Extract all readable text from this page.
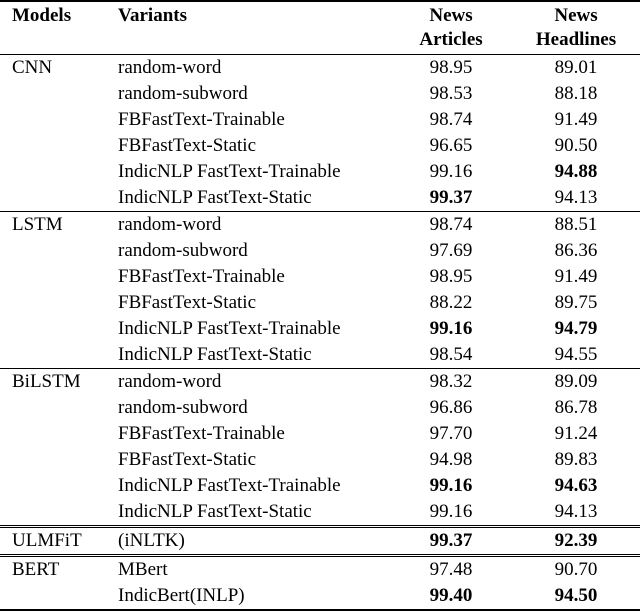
Models	Variants	News	News
		Articles	Headlines
CNN	random-word	98.95	89.01
	random-subword	98.53	88.18
	FBFastText-Trainable	98.74	91.49
	FBFastText-Static	96.65	90.50
	IndicNLP FastText-Trainable	99.16	94.88
	IndicNLP FastText-Static	99.37	94.13
LSTM	random-word	98.74	88.51
	random-subword	97.69	86.36
	FBFastText-Trainable	98.95	91.49
	FBFastText-Static	88.22	89.75
	IndicNLP FastText-Trainable	99.16	94.79
	IndicNLP FastText-Static	98.54	94.55
BiLSTM	random-word	98.32	89.09
	random-subword	96.86	86.78
	FBFastText-Trainable	97.70	91.24
	FBFastText-Static	94.98	89.83
	IndicNLP FastText-Trainable	99.16	94.63
	IndicNLP FastText-Static	99.16	94.13
ULMFiT	(iNLTK)	99.37	92.39
BERT	MBert	97.48	90.70
	IndicBert(INLP)	99.40	94.50
